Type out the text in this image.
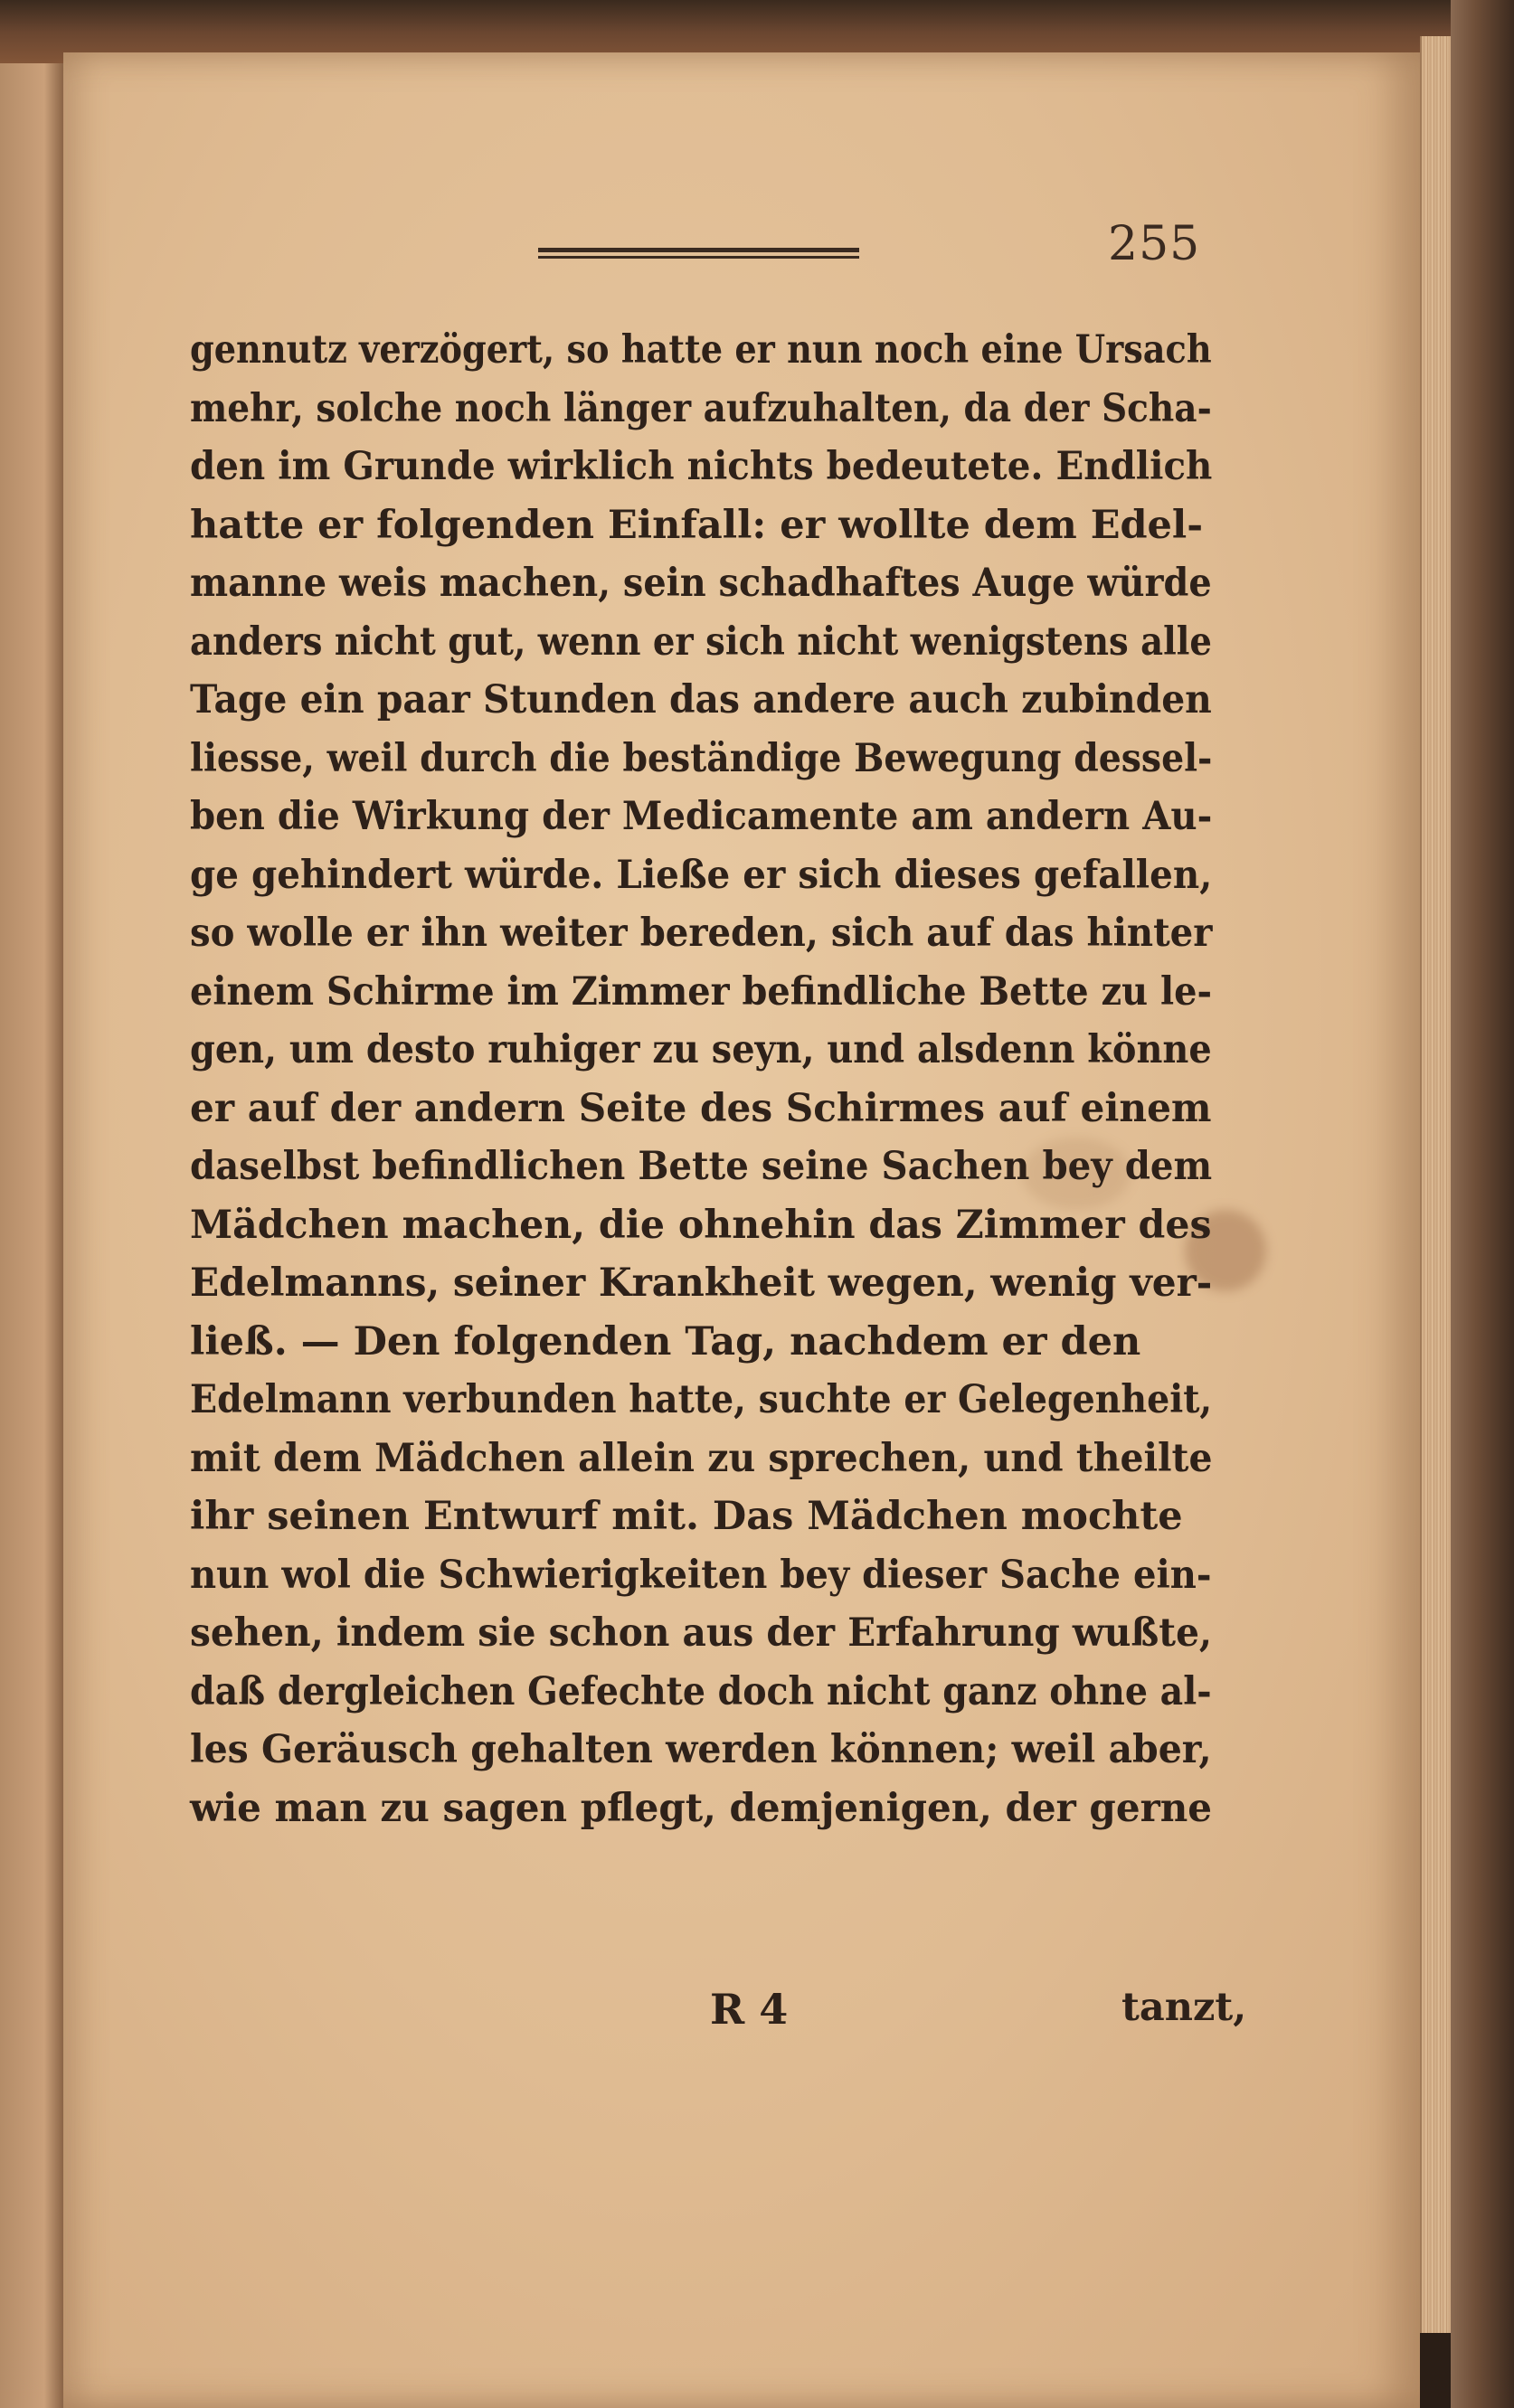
255
gennutz verzögert, so hatte er nun noch eine Ursach
mehr, solche noch länger aufzuhalten, da der Scha-
den im Grunde wirklich nichts bedeutete. Endlich
hatte er folgenden Einfall: er wollte dem Edel-
manne weis machen, sein schadhaftes Auge würde
anders nicht gut, wenn er sich nicht wenigstens alle
Tage ein paar Stunden das andere auch zubinden
liesse, weil durch die beständige Bewegung dessel-
ben die Wirkung der Medicamente am andern Au-
ge gehindert würde. Ließe er sich dieses gefallen,
so wolle er ihn weiter bereden, sich auf das hinter
einem Schirme im Zimmer befindliche Bette zu le-
gen, um desto ruhiger zu seyn, und alsdenn könne
er auf der andern Seite des Schirmes auf einem
daselbst befindlichen Bette seine Sachen bey dem
Mädchen machen, die ohnehin das Zimmer des
Edelmanns, seiner Krankheit wegen, wenig ver-
ließ. — Den folgenden Tag, nachdem er den
Edelmann verbunden hatte, suchte er Gelegenheit,
mit dem Mädchen allein zu sprechen, und theilte
ihr seinen Entwurf mit. Das Mädchen mochte
nun wol die Schwierigkeiten bey dieser Sache ein-
sehen, indem sie schon aus der Erfahrung wußte,
daß dergleichen Gefechte doch nicht ganz ohne al-
les Geräusch gehalten werden können; weil aber,
wie man zu sagen pflegt, demjenigen, der gerne
R 4	tanzt,
